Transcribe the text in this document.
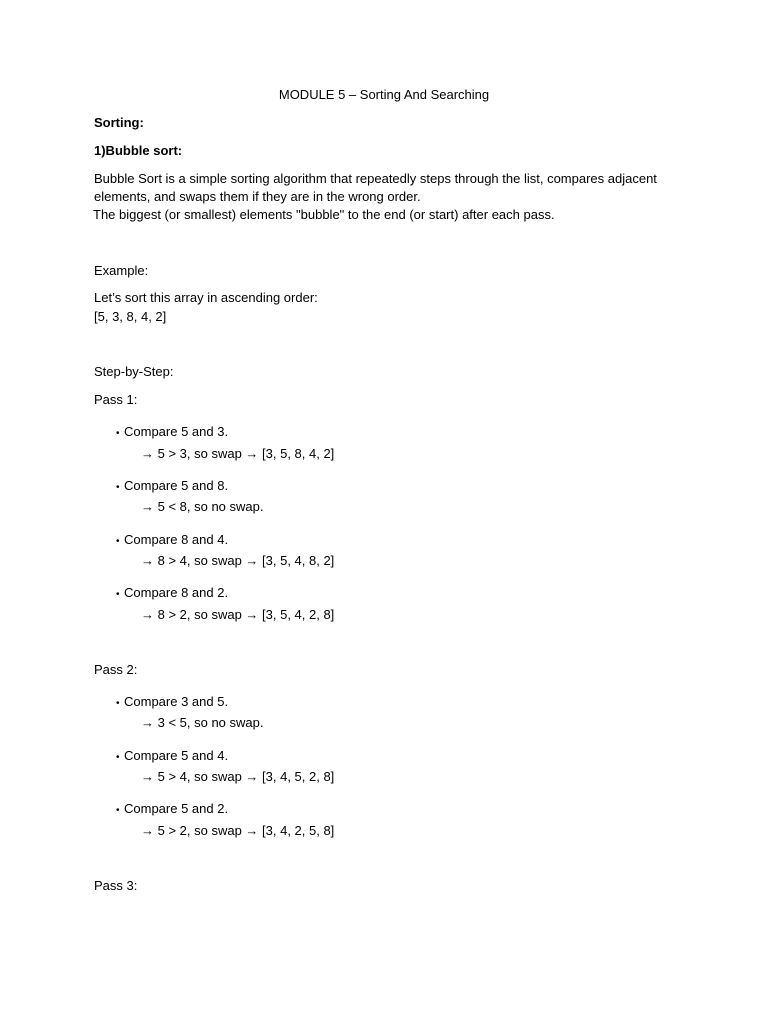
MODULE 5 – Sorting And Searching
Sorting:
1)Bubble sort:
Bubble Sort is a simple sorting algorithm that repeatedly steps through the list, compares adjacent elements, and swaps them if they are in the wrong order.
The biggest (or smallest) elements "bubble" to the end (or start) after each pass.
Example:
Let’s sort this array in ascending order:
[5, 3, 8, 4, 2]
Step-by-Step:
Pass 1:
• Compare 5 and 3.
→ 5 > 3, so swap → [3, 5, 8, 4, 2]
• Compare 5 and 8.
→ 5 < 8, so no swap.
• Compare 8 and 4.
→ 8 > 4, so swap → [3, 5, 4, 8, 2]
• Compare 8 and 2.
→ 8 > 2, so swap → [3, 5, 4, 2, 8]
Pass 2:
• Compare 3 and 5.
→ 3 < 5, so no swap.
• Compare 5 and 4.
→ 5 > 4, so swap → [3, 4, 5, 2, 8]
• Compare 5 and 2.
→ 5 > 2, so swap → [3, 4, 2, 5, 8]
Pass 3:
